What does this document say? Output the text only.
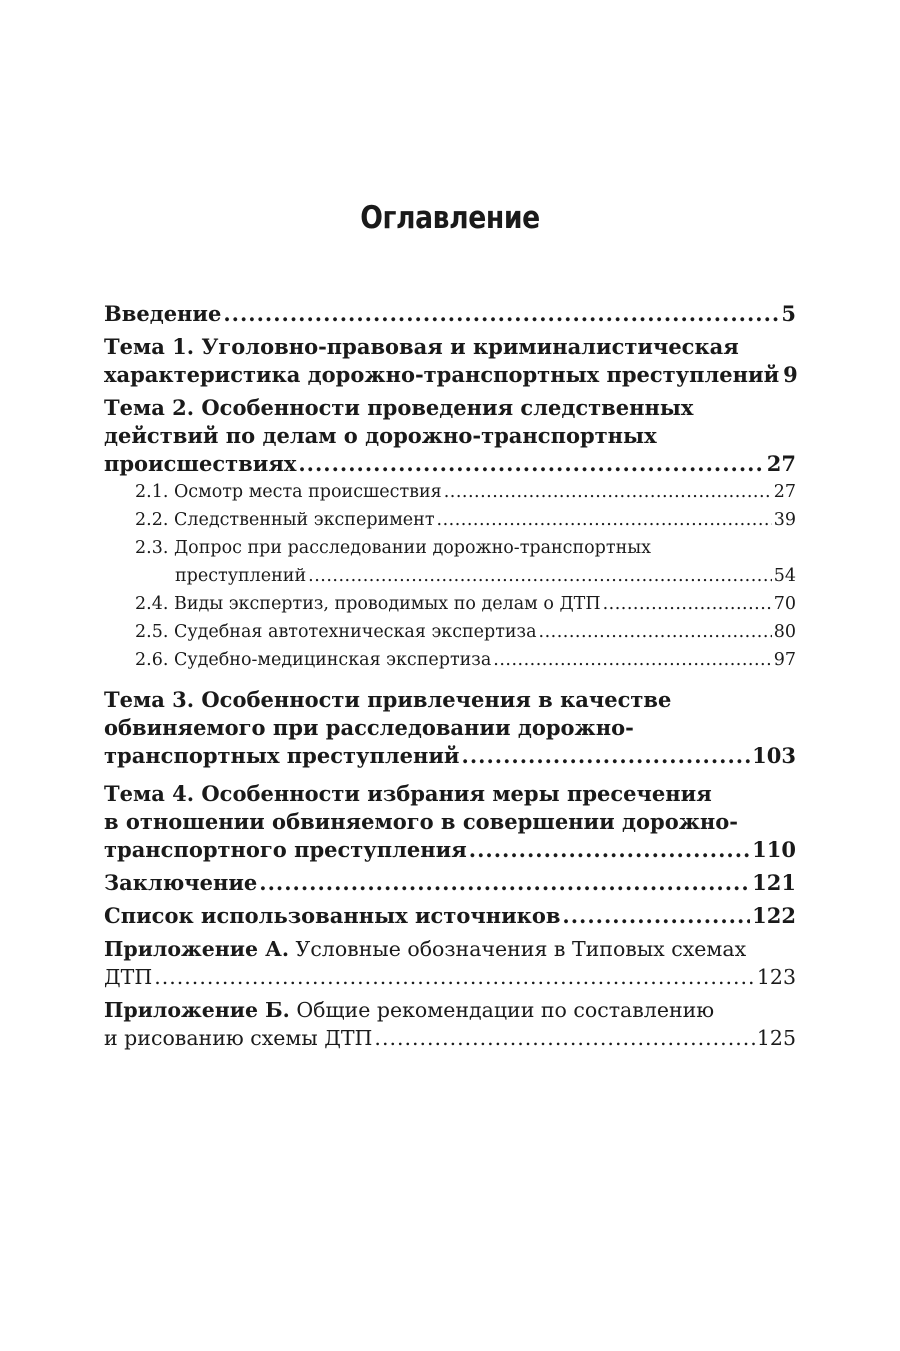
Оглавление
Введение .....	5
Тема 1. Уголовно-правовая и криминалистическая
характеристика дорожно-транспортных преступлений 9
Тема 2. Особенности проведения следственных
действий по делам о дорожно-транспортных
происшествиях .....	27
2.1. Осмотр места происшествия .....	27
2.2. Следственный эксперимент .....	39
2.3. Допрос при расследовании дорожно-транспортных
преступлений .....	54
2.4. Виды экспертиз, проводимых по делам о ДТП .....	70
2.5. Судебная автотехническая экспертиза .....	80
2.6. Судебно-медицинская экспертиза .....	97
Тема 3. Особенности привлечения в качестве
обвиняемого при расследовании дорожно-
транспортных преступлений .....	103
Тема 4. Особенности избрания меры пресечения
в отношении обвиняемого в совершении дорожно-
транспортного преступления .....	110
Заключение .....	121
Список использованных источников .....	122
Приложение А. Условные обозначения в Типовых схемах
ДТП .....	123
Приложение Б. Общие рекомендации по составлению
и рисованию схемы ДТП .....	125
